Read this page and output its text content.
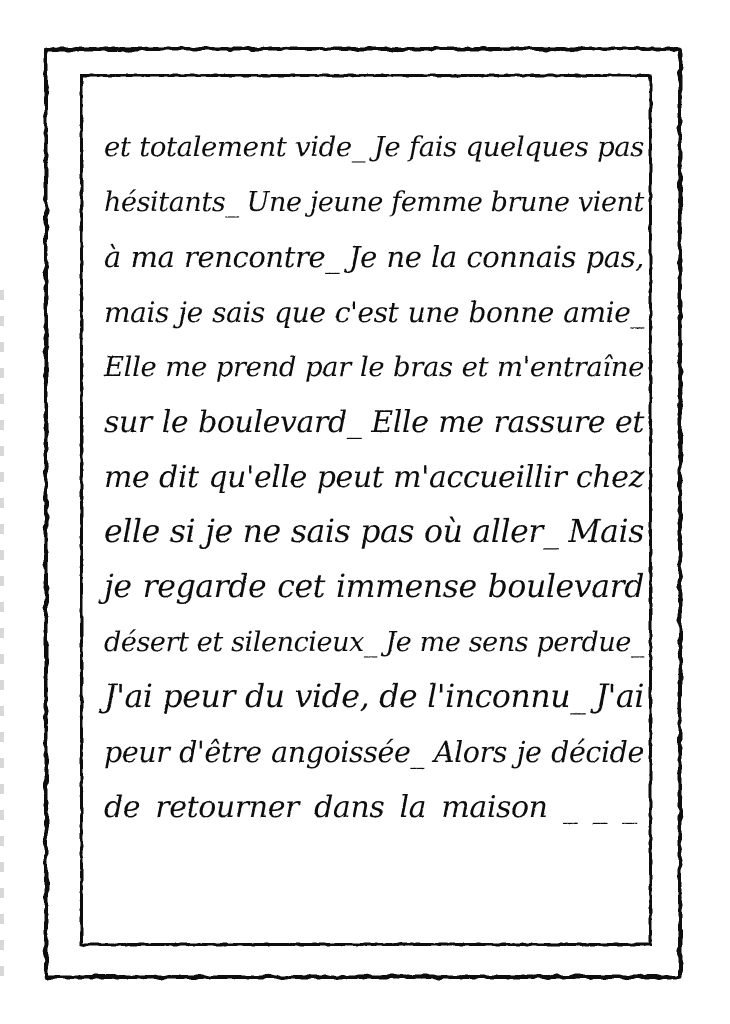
et totalement vide_ Je fais quelques pas
hésitants_ Une jeune femme brune vient
à ma rencontre_ Je ne la connais pas,
mais je sais que c'est une bonne amie_
Elle me prend par le bras et m'entraîne
sur le boulevard_ Elle me rassure et
me dit qu'elle peut m'accueillir chez
elle si je ne sais pas où aller_ Mais
je regarde cet immense boulevard
désert et silencieux_ Je me sens perdue_
J'ai peur du vide, de l'inconnu_ J'ai
peur d'être angoissée_ Alors je décide
de retourner dans la maison _ _ _
